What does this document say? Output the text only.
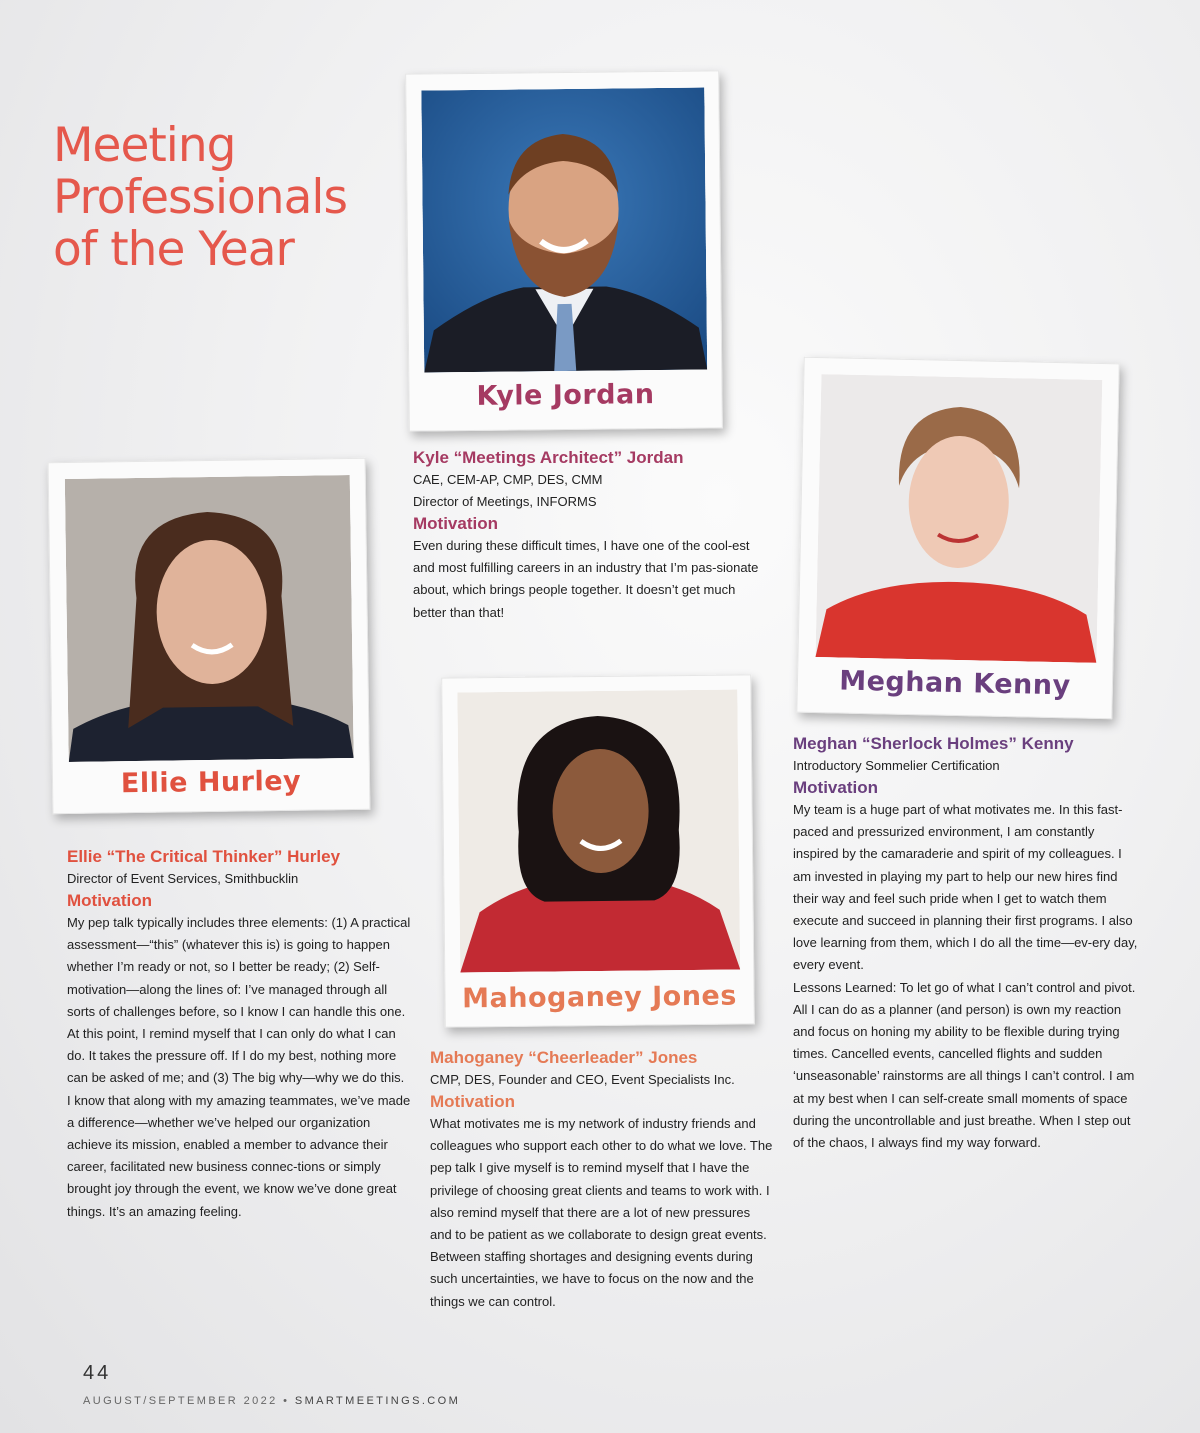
Meeting
Professionals
of the Year
Kyle Jordan
Ellie Hurley
Meghan Kenny
Mahoganey Jones
Kyle “Meetings Architect” Jordan
CAE, CEM-AP, CMP, DES, CMM
Director of Meetings, INFORMS
Motivation

Even during these difficult times, I have one of the cool-est and most fulfilling careers in an industry that I’m pas-sionate about, which brings people together. It doesn’t get much better than that!

Ellie “The Critical Thinker” Hurley
Director of Event Services, Smithbucklin
Motivation

My pep talk typically includes three elements: (1) A practical assessment—“this” (whatever this is) is going to happen whether I’m ready or not, so I better be ready; (2) Self-motivation—along the lines of: I’ve managed through all sorts of challenges before, so I know I can handle this one. At this point, I remind myself that I can only do what I can do. It takes the pressure off. If I do my best, nothing more can be asked of me; and (3) The big why—why we do this. I know that along with my amazing teammates, we’ve made a difference—whether we’ve helped our organization achieve its mission, enabled a member to advance their career, facilitated new business connec-tions or simply brought joy through the event, we know we’ve done great things. It’s an amazing feeling.

Mahoganey “Cheerleader” Jones
CMP, DES, Founder and CEO, Event Specialists Inc.
Motivation

What motivates me is my network of industry friends and colleagues who support each other to do what we love. The pep talk I give myself is to remind myself that I have the privilege of choosing great clients and teams to work with. I also remind myself that there are a lot of new pressures and to be patient as we collaborate to design great events. Between staffing shortages and designing events during such uncertainties, we have to focus on the now and the things we can control.

Meghan “Sherlock Holmes” Kenny
Introductory Sommelier Certification
Motivation

My team is a huge part of what motivates me. In this fast-paced and pressurized environment, I am constantly inspired by the camaraderie and spirit of my colleagues. I am invested in playing my part to help our new hires find their way and feel such pride when I get to watch them execute and succeed in planning their first programs. I also love learning from them, which I do all the time—ev-ery day, every event.

Lessons Learned: To let go of what I can’t control and pivot. All I can do as a planner (and person) is own my reaction and focus on honing my ability to be flexible during trying times. Cancelled events, cancelled flights and sudden ‘unseasonable’ rainstorms are all things I can’t control. I am at my best when I can self-create small moments of space during the uncontrollable and just breathe. When I step out of the chaos, I always find my way forward.

44
AUGUST/SEPTEMBER 2022 • SMARTMEETINGS.COM
